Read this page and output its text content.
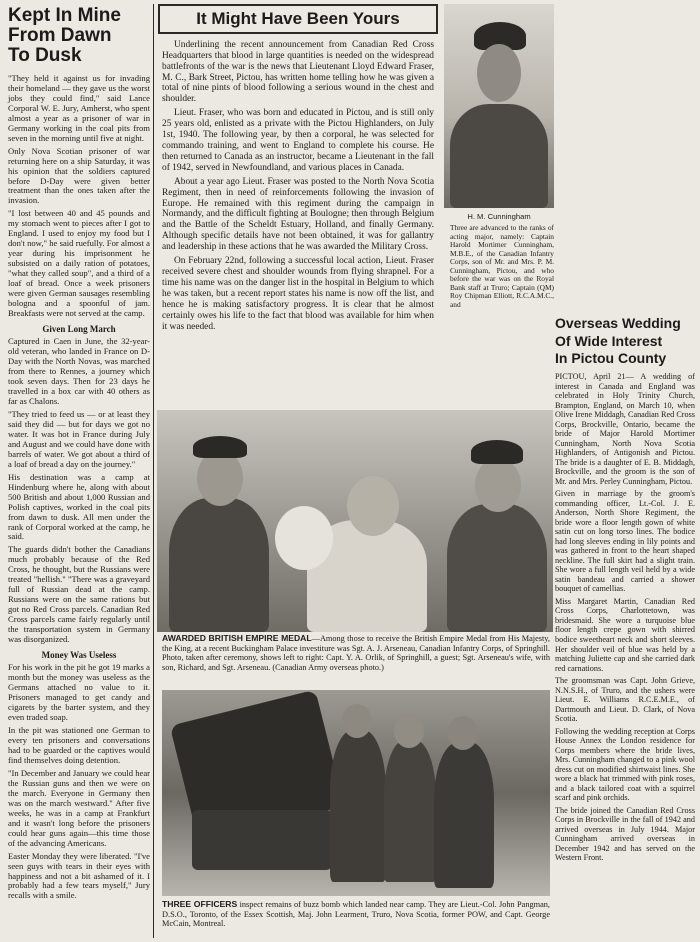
Kept In Mine
From Dawn
To Dusk

"They held it against us for invading their homeland — they gave us the worst jobs they could find," said Lance Corporal W. E. Jury, Amherst, who spent almost a year as a prisoner of war in Germany working in the coal pits from seven in the morning until five at night.

Only Nova Scotian prisoner of war returning here on a ship Saturday, it was his opinion that the soldiers captured before D-Day were given better treatment than the ones taken after the invasion.

"I lost between 40 and 45 pounds and my stomach went to pieces after I got to England. I used to enjoy my food but I don't now," he said ruefully. For almost a year during his imprisonment he subsisted on a daily ration of potatoes, "what they called soup", and a third of a loaf of bread. Once a week prisoners were given German sausages resembling bologna and a spoonful of jam. Breakfasts were not served at the camp.

Given Long March

Captured in Caen in June, the 32-year-old veteran, who landed in France on D-Day with the North Novas, was marched from there to Rennes, a journey which took seven days. Then for 23 days he travelled in a box car with 40 others as far as Chalons.

"They tried to feed us — or at least they said they did — but for days we got no water. It was hot in France during July and August and we could have done with barrels of water. We got about a third of a loaf of bread a day on the journey."

His destination was a camp at Hindenburg where he, along with about 500 British and about 1,000 Russian and Polish captives, worked in the coal pits from dawn to dusk. All men under the rank of Corporal worked at the camp, he said.

The guards didn't bother the Canadians much probably because of the Red Cross, he thought, but the Russians were treated "hellish." "There was a graveyard full of Russian dead at the camp. Russians were on the same rations but got no Red Cross parcels. Canadian Red Cross parcels came fairly regularly until the transportation system in Germany was disorganized.

Money Was Useless

For his work in the pit he got 19 marks a month but the money was useless as the Germans attached no value to it. Prisoners managed to get candy and cigarets by the barter system, and they even traded soap.

In the pit was stationed one German to every ten prisoners and conversations had to be guarded or the captives would find themselves doing detention.

"In December and January we could hear the Russian guns and then we were on the march. Everyone in Germany then was on the march westward." After five weeks, he was in a camp at Frankfurt and it wasn't long before the prisoners could hear guns again—this time those of the advancing Americans.

Easter Monday they were liberated. "I've seen guys with tears in their eyes with happiness and not a bit ashamed of it. I probably had a few tears myself," Jury recalls with a smile.

It Might Have Been Yours

Underlining the recent announcement from Canadian Red Cross Headquarters that blood in large quantities is needed on the widespread battlefronts of the war is the news that Lieutenant Lloyd Edward Fraser, M. C., Bark Street, Pictou, has written home telling how he was given a total of nine pints of blood following a serious wound in the chest and shoulder.

Lieut. Fraser, who was born and educated in Pictou, and is still only 25 years old, enlisted as a private with the Pictou Highlanders, on July 1st, 1940. The following year, by then a corporal, he was selected for commando training, and went to England to complete his course. He then returned to Canada as an instructor, became a Lieutenant in the fall of 1942, served in Newfoundland, and various places in Canada.

About a year ago Lieut. Fraser was posted to the North Nova Scotia Regiment, then in need of reinforcements following the invasion of Europe. He remained with this regiment during the campaign in Normandy, and the difficult fighting at Boulogne; then through Belgium and the Battle of the Scheldt Estuary, Holland, and finally Germany. Although specific details have not been obtained, it was for gallantry and leadership in these actions that he was awarded the Military Cross.

On February 22nd, following a successful local action, Lieut. Fraser received severe chest and shoulder wounds from flying shrapnel. For a time his name was on the danger list in the hospital in Belgium to which he was taken, but a recent report states his name is now off the list, and hence he is making satisfactory progress. It is clear that he almost certainly owes his life to the fact that blood was available for him when it was needed.

H. M. Cunningham
Three are advanced to the ranks of acting major, namely: Captain Harold Mortimer Cunningham, M.B.E., of the Canadian Infantry Corps, son of Mr. and Mrs. P. M. Cunningham, Pictou, and who before the war was on the Royal Bank staff at Truro; Captain (QM) Roy Chipman Elliott, R.C.A.M.C., and
Overseas Wedding
Of Wide Interest
In Pictou County

PICTOU, April 21— A wedding of interest in Canada and England was celebrated in Holy Trinity Church, Brampton, England, on March 10, when Olive Irene Middagh, Canadian Red Cross Corps, Brockville, Ontario, became the bride of Major Harold Mortimer Cunningham, North Nova Scotia Highlanders, of Antigonish and Pictou. The bride is a daughter of E. B. Middagh, Brockville, and the groom is the son of Mr. and Mrs. Perley Cunningham, Pictou.

Given in marriage by the groom's commanding officer, Lt.-Col. J. E. Anderson, North Shore Regiment, the bride wore a floor length gown of white satin cut on long torso lines. The bodice had long sleeves ending in lily points and was gathered in front to the heart shaped neckline. The full skirt had a slight train. She wore a full length veil held by a wide satin bandeau and carried a shower bouquet of camellias.

Miss Margaret Martin, Canadian Red Cross Corps, Charlottetown, was bridesmaid. She wore a turquoise blue floor length crepe gown with shirred bodice sweetheart neck and short sleeves. Her shoulder veil of blue was held by a matching Juliette cap and she carried dark red carnations.

The groomsman was Capt. John Grieve, N.N.S.H., of Truro, and the ushers were Lieut. E. Williams R.C.E.M.E., of Dartmouth and Lieut. D. Clark, of Nova Scotia.

Following the wedding reception at Corps House Annex the London residence for Corps members where the bride lives, Mrs. Cunningham changed to a pink wool dress cut on modified shirtwaist lines. She wore a black hat trimmed with pink roses, and a black tailored coat with a squirrel scarf and pink orchids.

The bride joined the Canadian Red Cross Corps in Brockville in the fall of 1942 and arrived overseas in July 1944. Major Cunningham arrived overseas in December 1942 and has served on the Western Front.

AWARDED BRITISH EMPIRE MEDAL—Among those to receive the British Empire Medal from His Majesty, the King, at a recent Buckingham Palace investiture was Sgt. A. J. Arseneau, Canadian Infantry Corps, of Springhill. Photo, taken after ceremony, shows left to right: Capt. Y. A. Orlik, of Springhill, a guest; Sgt. Arseneau's wife, with son, Richard, and Sgt. Arseneau. (Canadian Army overseas photo.)

THREE OFFICERS inspect remains of buzz bomb which landed near camp. They are Lieut.-Col. John Pangman, D.S.O., Toronto, of the Essex Scottish, Maj. John Learment, Truro, Nova Scotia, former POW, and Capt. George McCain, Montreal.
